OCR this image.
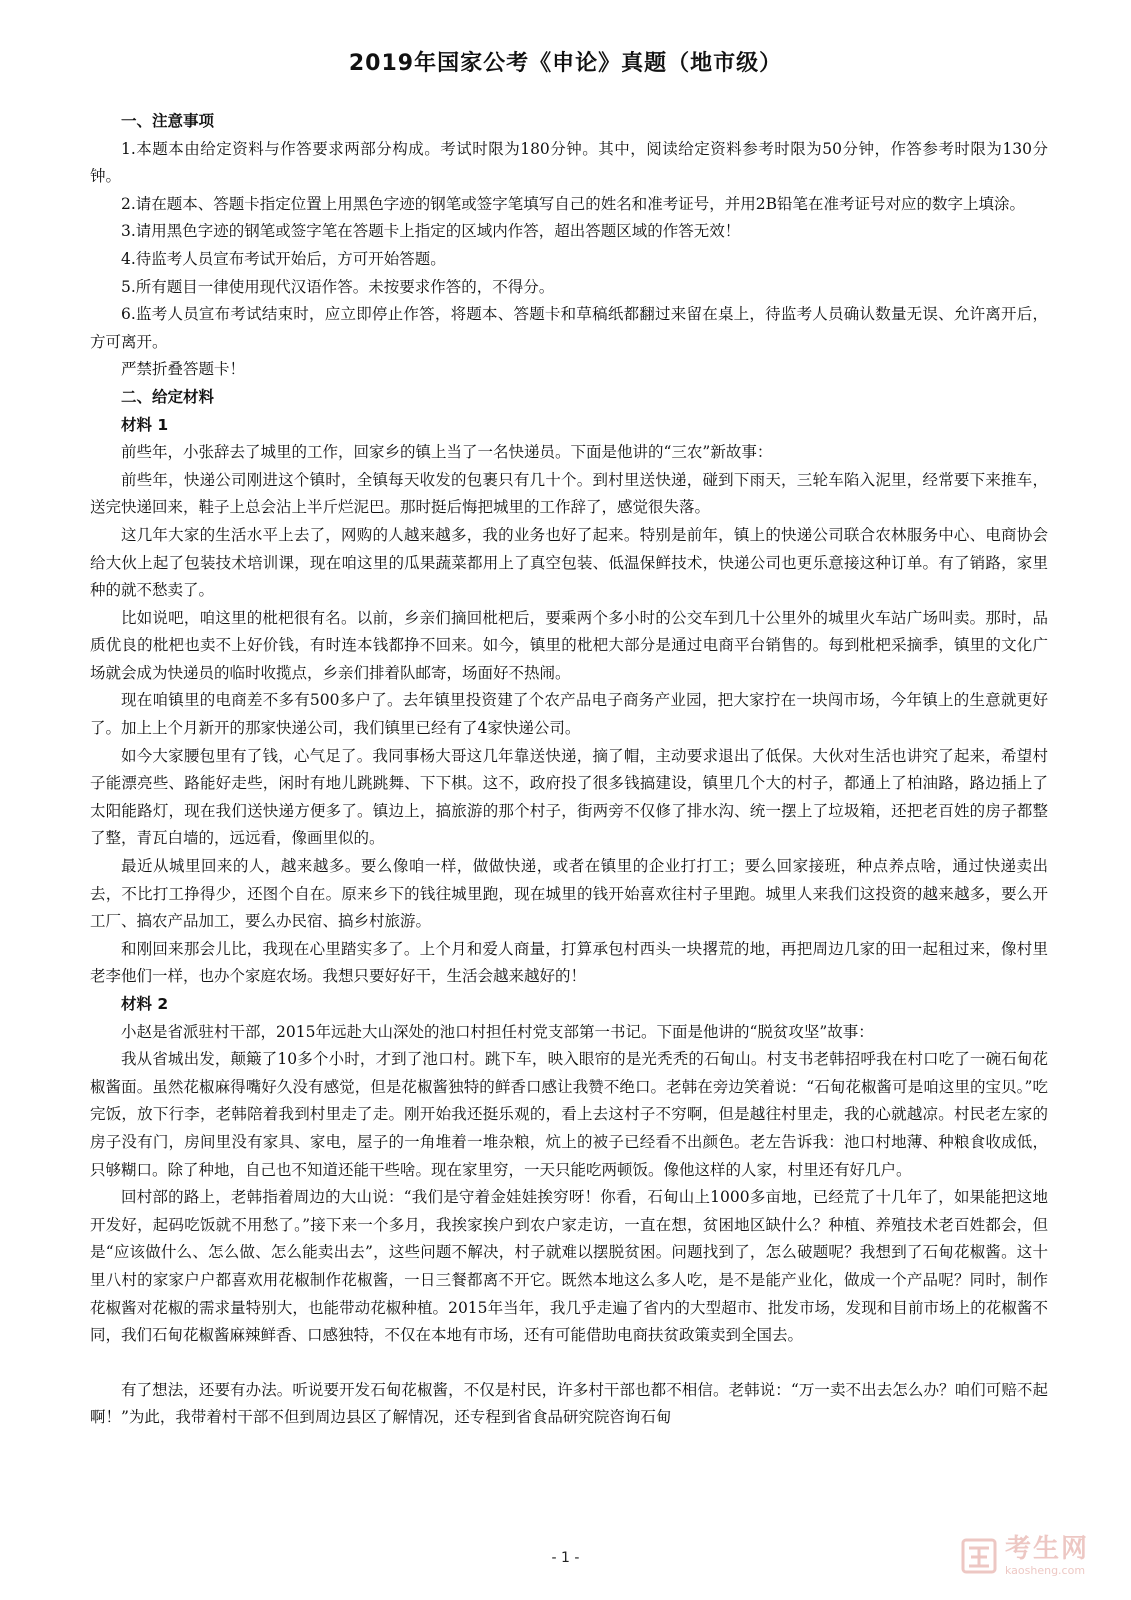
2019年国家公考《申论》真题（地市级）

一、注意事项

1.本题本由给定资料与作答要求两部分构成。考试时限为180分钟。其中，阅读给定资料参考时限为50分钟，作答参考时限为130分钟。

2.请在题本、答题卡指定位置上用黑色字迹的钢笔或签字笔填写自己的姓名和准考证号，并用2B铅笔在准考证号对应的数字上填涂。

3.请用黑色字迹的钢笔或签字笔在答题卡上指定的区域内作答，超出答题区域的作答无效！

4.待监考人员宣布考试开始后，方可开始答题。

5.所有题目一律使用现代汉语作答。未按要求作答的，不得分。

6.监考人员宣布考试结束时，应立即停止作答，将题本、答题卡和草稿纸都翻过来留在桌上，待监考人员确认数量无误、允许离开后，方可离开。

严禁折叠答题卡！

二、给定材料

材料 1

前些年，小张辞去了城里的工作，回家乡的镇上当了一名快递员。下面是他讲的“三农”新故事：

前些年，快递公司刚进这个镇时，全镇每天收发的包裹只有几十个。到村里送快递，碰到下雨天，三轮车陷入泥里，经常要下来推车，送完快递回来，鞋子上总会沾上半斤烂泥巴。那时挺后悔把城里的工作辞了，感觉很失落。

这几年大家的生活水平上去了，网购的人越来越多，我的业务也好了起来。特别是前年，镇上的快递公司联合农林服务中心、电商协会给大伙上起了包装技术培训课，现在咱这里的瓜果蔬菜都用上了真空包装、低温保鲜技术，快递公司也更乐意接这种订单。有了销路，家里种的就不愁卖了。

比如说吧，咱这里的枇杷很有名。以前，乡亲们摘回枇杷后，要乘两个多小时的公交车到几十公里外的城里火车站广场叫卖。那时，品质优良的枇杷也卖不上好价钱，有时连本钱都挣不回来。如今，镇里的枇杷大部分是通过电商平台销售的。每到枇杷采摘季，镇里的文化广场就会成为快递员的临时收揽点，乡亲们排着队邮寄，场面好不热闹。

现在咱镇里的电商差不多有500多户了。去年镇里投资建了个农产品电子商务产业园，把大家拧在一块闯市场，今年镇上的生意就更好了。加上上个月新开的那家快递公司，我们镇里已经有了4家快递公司。

如今大家腰包里有了钱，心气足了。我同事杨大哥这几年靠送快递，摘了帽，主动要求退出了低保。大伙对生活也讲究了起来，希望村子能漂亮些、路能好走些，闲时有地儿跳跳舞、下下棋。这不，政府投了很多钱搞建设，镇里几个大的村子，都通上了柏油路，路边插上了太阳能路灯，现在我们送快递方便多了。镇边上，搞旅游的那个村子，街两旁不仅修了排水沟、统一摆上了垃圾箱，还把老百姓的房子都整了整，青瓦白墙的，远远看，像画里似的。

最近从城里回来的人，越来越多。要么像咱一样，做做快递，或者在镇里的企业打打工；要么回家接班，种点养点啥，通过快递卖出去，不比打工挣得少，还图个自在。原来乡下的钱往城里跑，现在城里的钱开始喜欢往村子里跑。城里人来我们这投资的越来越多，要么开工厂、搞农产品加工，要么办民宿、搞乡村旅游。

和刚回来那会儿比，我现在心里踏实多了。上个月和爱人商量，打算承包村西头一块撂荒的地，再把周边几家的田一起租过来，像村里老李他们一样，也办个家庭农场。我想只要好好干，生活会越来越好的！

材料 2

小赵是省派驻村干部，2015年远赴大山深处的池口村担任村党支部第一书记。下面是他讲的“脱贫攻坚”故事：

我从省城出发，颠簸了10多个小时，才到了池口村。跳下车，映入眼帘的是光秃秃的石甸山。村支书老韩招呼我在村口吃了一碗石甸花椒酱面。虽然花椒麻得嘴好久没有感觉，但是花椒酱独特的鲜香口感让我赞不绝口。老韩在旁边笑着说：“石甸花椒酱可是咱这里的宝贝。”吃完饭，放下行李，老韩陪着我到村里走了走。刚开始我还挺乐观的，看上去这村子不穷啊，但是越往村里走，我的心就越凉。村民老左家的房子没有门，房间里没有家具、家电，屋子的一角堆着一堆杂粮，炕上的被子已经看不出颜色。老左告诉我：池口村地薄、种粮食收成低，只够糊口。除了种地，自己也不知道还能干些啥。现在家里穷，一天只能吃两顿饭。像他这样的人家，村里还有好几户。

回村部的路上，老韩指着周边的大山说：“我们是守着金娃娃挨穷呀！你看，石甸山上1000多亩地，已经荒了十几年了，如果能把这地开发好，起码吃饭就不用愁了。”接下来一个多月，我挨家挨户到农户家走访，一直在想，贫困地区缺什么？种植、养殖技术老百姓都会，但是“应该做什么、怎么做、怎么能卖出去”，这些问题不解决，村子就难以摆脱贫困。问题找到了，怎么破题呢？我想到了石甸花椒酱。这十里八村的家家户户都喜欢用花椒制作花椒酱，一日三餐都离不开它。既然本地这么多人吃，是不是能产业化，做成一个产品呢？同时，制作花椒酱对花椒的需求量特别大，也能带动花椒种植。2015年当年，我几乎走遍了省内的大型超市、批发市场，发现和目前市场上的花椒酱不同，我们石甸花椒酱麻辣鲜香、口感独特，不仅在本地有市场，还有可能借助电商扶贫政策卖到全国去。

有了想法，还要有办法。听说要开发石甸花椒酱，不仅是村民，许多村干部也都不相信。老韩说：“万一卖不出去怎么办？咱们可赔不起啊！”为此，我带着村干部不但到周边县区了解情况，还专程到省食品研究院咨询石甸

- 1 -	考生网
kaosheng.com
